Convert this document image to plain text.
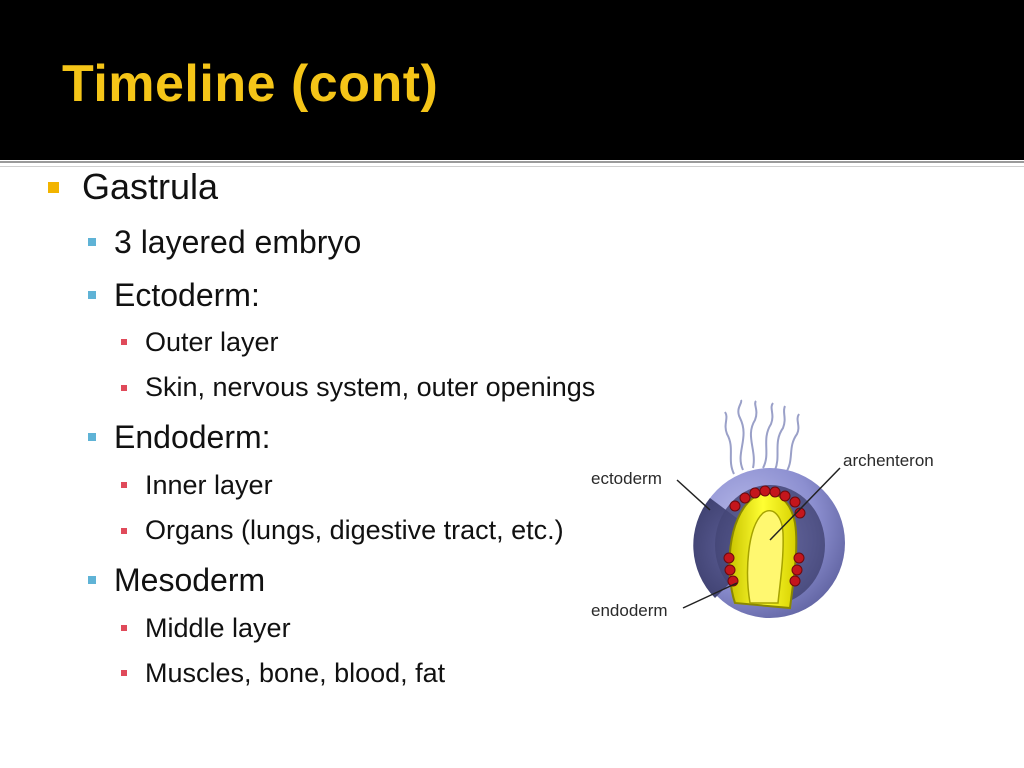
Timeline (cont)
Gastrula
3 layered embryo
Ectoderm:
Outer layer
Skin, nervous system, outer openings
Endoderm:
Inner layer
Organs (lungs, digestive tract, etc.)
Mesoderm
Middle layer
Muscles, bone, blood, fat
ectoderm
archenteron
endoderm
